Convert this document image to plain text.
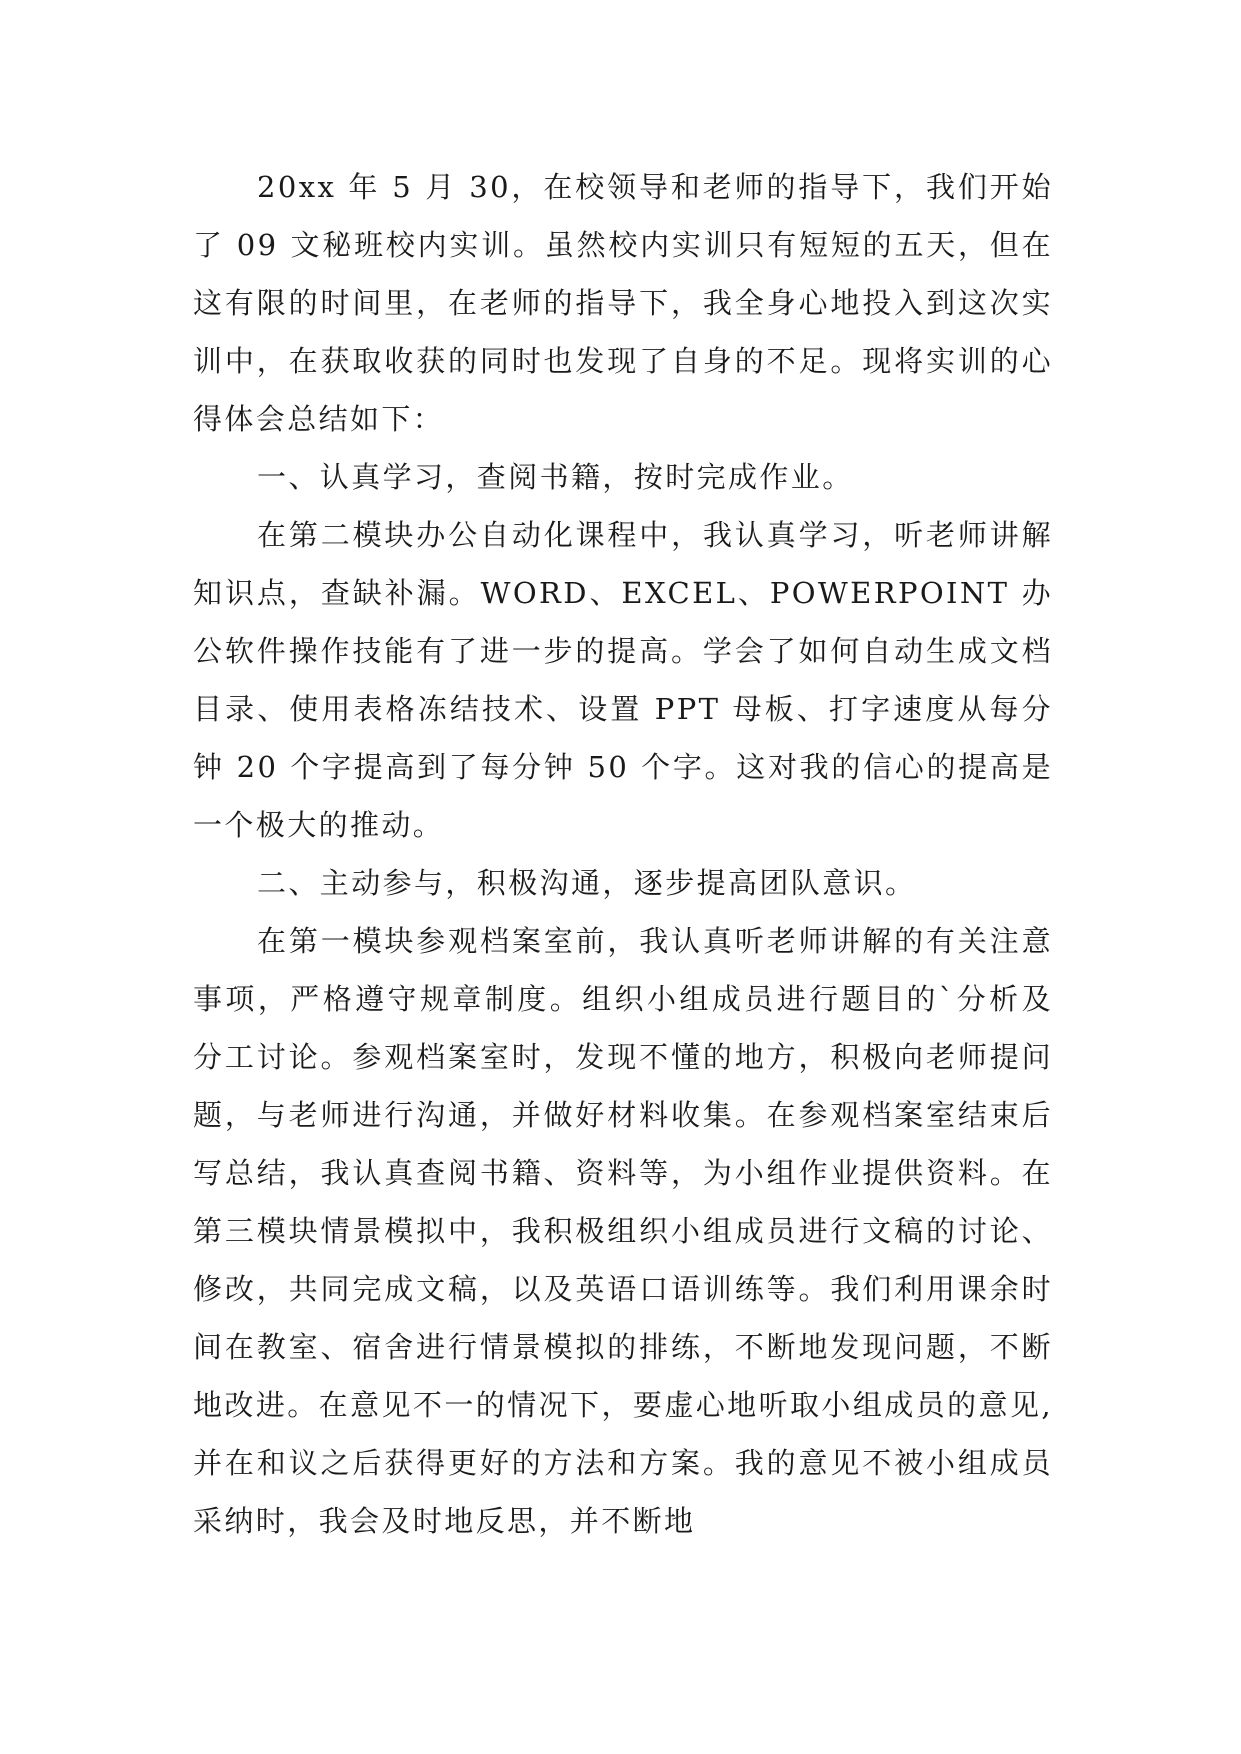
20xx 年 5 月 30，在校领导和老师的指导下，我们开始了 09 文秘班校内实训。虽然校内实训只有短短的五天，但在这有限的时间里，在老师的指导下，我全身心地投入到这次实训中，在获取收获的同时也发现了自身的不足。现将实训的心得体会总结如下：

一、认真学习，查阅书籍，按时完成作业。

在第二模块办公自动化课程中，我认真学习，听老师讲解知识点，查缺补漏。WORD、EXCEL、POWERPOINT 办公软件操作技能有了进一步的提高。学会了如何自动生成文档目录、使用表格冻结技术、设置 PPT 母板、打字速度从每分钟 20 个字提高到了每分钟 50 个字。这对我的信心的提高是一个极大的推动。

二、主动参与，积极沟通，逐步提高团队意识。

在第一模块参观档案室前，我认真听老师讲解的有关注意事项，严格遵守规章制度。组织小组成员进行题目的`分析及分工讨论。参观档案室时，发现不懂的地方，积极向老师提问题，与老师进行沟通，并做好材料收集。在参观档案室结束后写总结，我认真查阅书籍、资料等，为小组作业提供资料。在第三模块情景模拟中，我积极组织小组成员进行文稿的讨论、修改，共同完成文稿，以及英语口语训练等。我们利用课余时间在教室、宿舍进行情景模拟的排练，不断地发现问题，不断地改进。在意见不一的情况下，要虚心地听取小组成员的意见,并在和议之后获得更好的方法和方案。我的意见不被小组成员采纳时，我会及时地反思，并不断地
